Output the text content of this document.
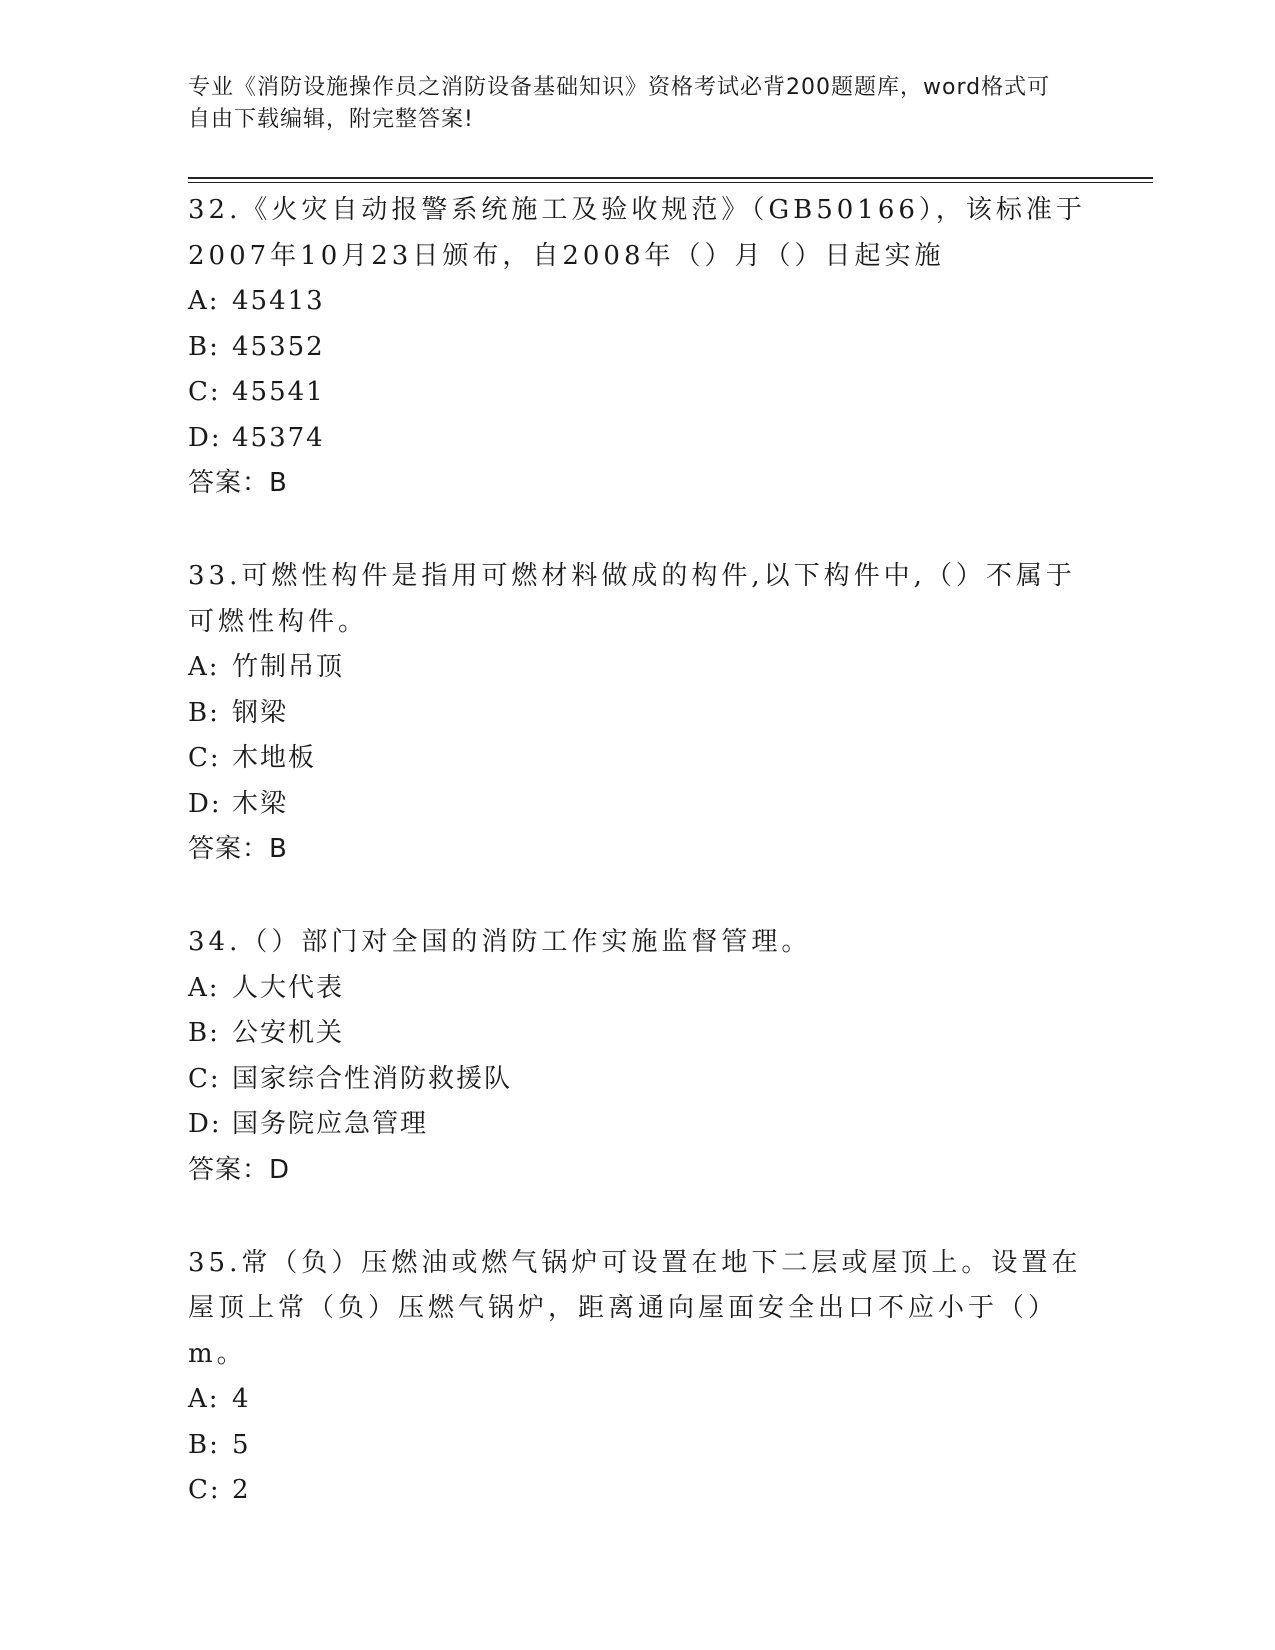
专业《消防设施操作员之消防设备基础知识》资格考试必背200题题库，word格式可自由下载编辑，附完整答案!

32.《火灾自动报警系统施工及验收规范》（GB50166），该标准于2007年10月23日颁布，自2008年（）月（）日起实施

A: 45413

B: 45352

C: 45541

D: 45374

答案：B

33.可燃性构件是指用可燃材料做成的构件,以下构件中,（）不属于可燃性构件。

A: 竹制吊顶

B: 钢梁

C: 木地板

D: 木梁

答案：B

34.（）部门对全国的消防工作实施监督管理。

A: 人大代表

B: 公安机关

C: 国家综合性消防救援队

D: 国务院应急管理

答案：D

35.常（负）压燃油或燃气锅炉可设置在地下二层或屋顶上。设置在屋顶上常（负）压燃气锅炉，距离通向屋面安全出口不应小于（）m。

A: 4

B: 5

C: 2
